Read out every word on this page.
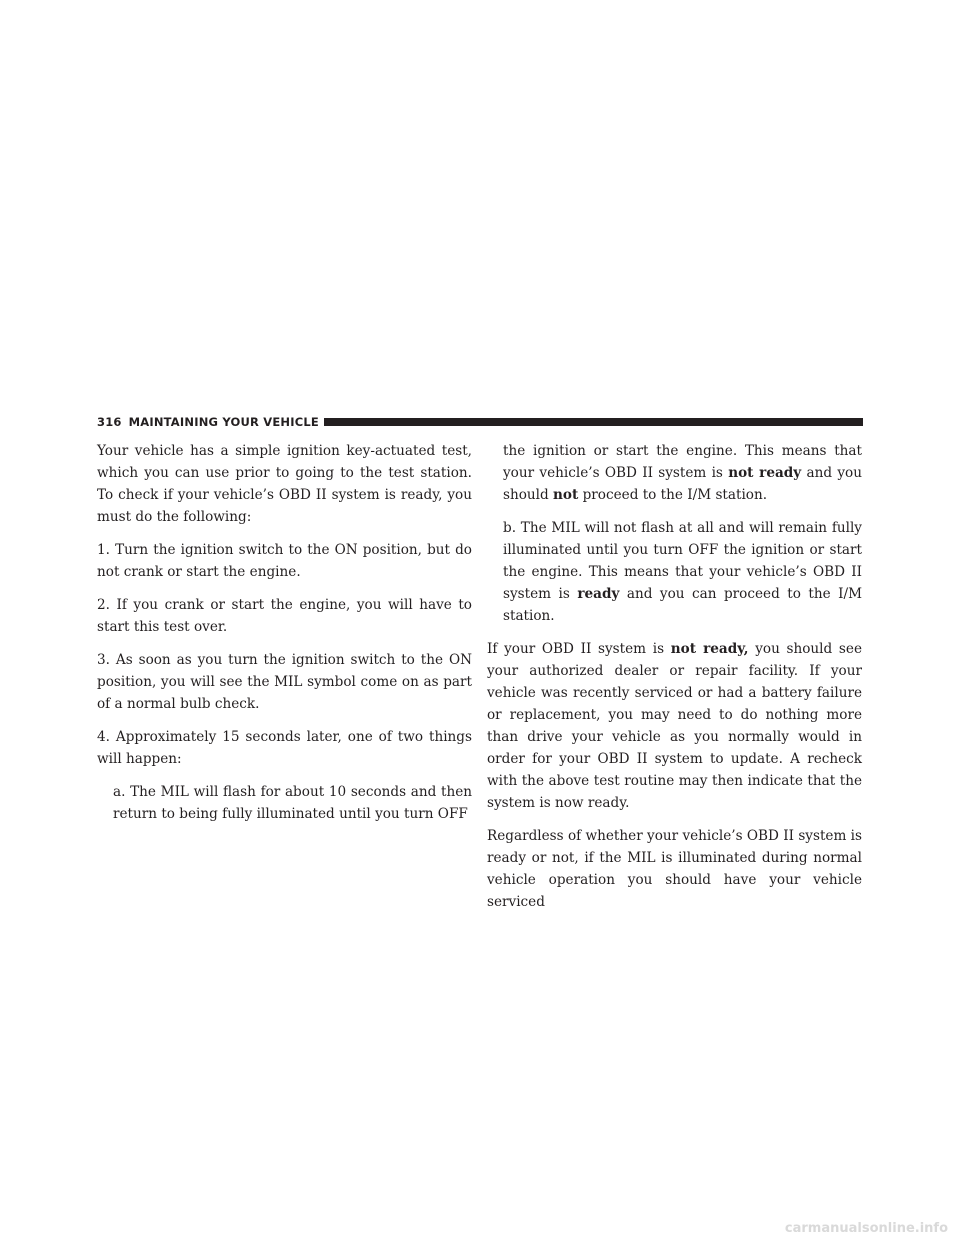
316 MAINTAINING YOUR VEHICLE

Your vehicle has a simple ignition key-actuated test, which you can use prior to going to the test station. To check if your vehicle’s OBD II system is ready, you must do the following:

1. Turn the ignition switch to the ON position, but do not crank or start the engine.

2. If you crank or start the engine, you will have to start this test over.

3. As soon as you turn the ignition switch to the ON position, you will see the MIL symbol come on as part of a normal bulb check.

4. Approximately 15 seconds later, one of two things will happen:

a. The MIL will flash for about 10 seconds and then return to being fully illuminated until you turn OFF

the ignition or start the engine. This means that your vehicle’s OBD II system is not ready and you should not proceed to the I/M station.

b. The MIL will not flash at all and will remain fully illuminated until you turn OFF the ignition or start the engine. This means that your vehicle’s OBD II system is ready and you can proceed to the I/M station.

If your OBD II system is not ready, you should see your authorized dealer or repair facility. If your vehicle was recently serviced or had a battery failure or replacement, you may need to do nothing more than drive your vehicle as you normally would in order for your OBD II system to update. A recheck with the above test routine may then indicate that the system is now ready.

Regardless of whether your vehicle’s OBD II system is ready or not, if the MIL is illuminated during normal vehicle operation you should have your vehicle serviced

carmanualsonline.info
